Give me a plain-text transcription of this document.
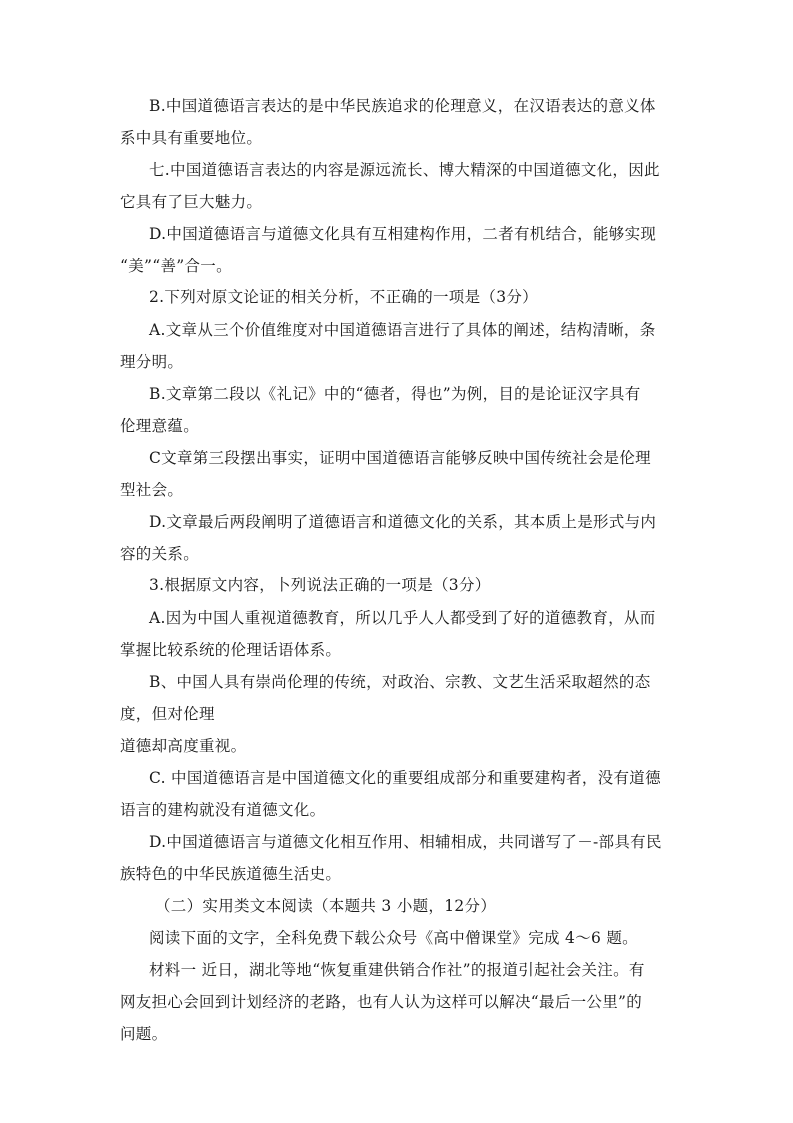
B.中国道德语言表达的是中华民族追求的伦理意义，在汉语表达的意义体
系中具有重要地位。
七.中国道德语言表达的内容是源远流长、博大精深的中国道德文化，因此
它具有了巨大魅力。
D.中国道德语言与道德文化具有互相建构作用，二者有机结合，能够实现
“美”“善”合一。
2.下列对原文论证的相关分析，不正确的一项是（3分）
A.文章从三个价值维度对中国道德语言进行了具体的阐述，结构清晰，条
理分明。
B.文章第二段以《礼记》中的“德者，得也”为例，目的是论证汉字具有
伦理意蕴。
C文章第三段摆出事实，证明中国道德语言能够反映中国传统社会是伦理
型社会。
D.文章最后两段阐明了道德语言和道德文化的关系，其本质上是形式与内
容的关系。
3.根据原文内容，卜列说法正确的一项是（3分）
A.因为中国人重视道德教育，所以几乎人人都受到了好的道德教育，从而
掌握比较系统的伦理话语体系。
B、中国人具有崇尚伦理的传统，对政治、宗教、文艺生活采取超然的态
度，但对伦理
道德却高度重视。
C. 中国道德语言是中国道德文化的重要组成部分和重要建构者，没有道德
语言的建构就没有道德文化。
D.中国道德语言与道德文化相互作用、相辅相成，共同谱写了－-部具有民
族特色的中华民族道德生活史。
（二）实用类文本阅读（本题共 3 小题，12分）
阅读下面的文字，全科免费下载公众号《高中僧课堂》完成 4～6 题。
材料一 近日，湖北等地“恢复重建供销合作社”的报道引起社会关注。有
网友担心会回到计划经济的老路，也有人认为这样可以解决“最后一公里”的
问题。
